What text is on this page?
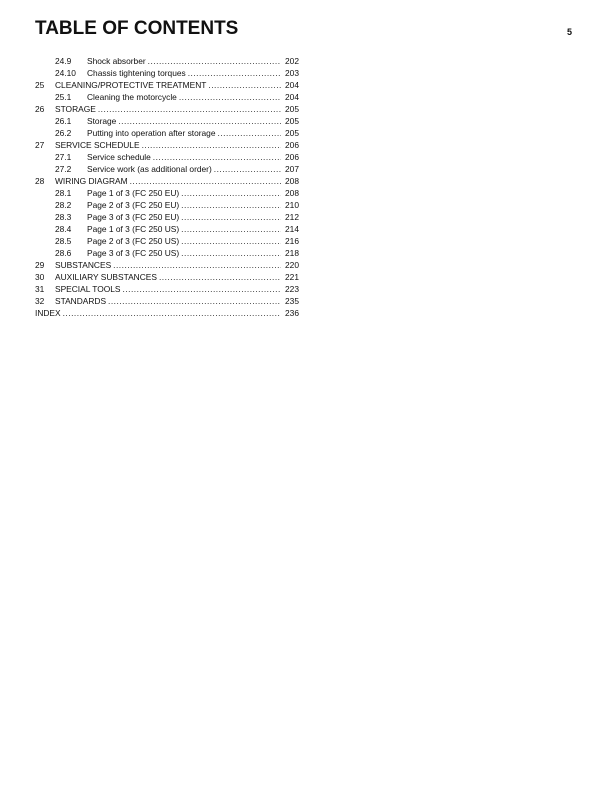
TABLE OF CONTENTS	5
24.9	Shock absorber .....	202
24.10	Chassis tightening torques .....	203
25	CLEANING/PROTECTIVE TREATMENT .....	204
25.1	Cleaning the motorcycle .....	204
26	STORAGE .....	205
26.1	Storage .....	205
26.2	Putting into operation after storage .....	205
27	SERVICE SCHEDULE .....	206
27.1	Service schedule .....	206
27.2	Service work (as additional order) .....	207
28	WIRING DIAGRAM .....	208
28.1	Page 1 of 3 (FC 250 EU) .....	208
28.2	Page 2 of 3 (FC 250 EU) .....	210
28.3	Page 3 of 3 (FC 250 EU) .....	212
28.4	Page 1 of 3 (FC 250 US) .....	214
28.5	Page 2 of 3 (FC 250 US) .....	216
28.6	Page 3 of 3 (FC 250 US) .....	218
29	SUBSTANCES .....	220
30	AUXILIARY SUBSTANCES .....	221
31	SPECIAL TOOLS .....	223
32	STANDARDS .....	235
INDEX .....	236
